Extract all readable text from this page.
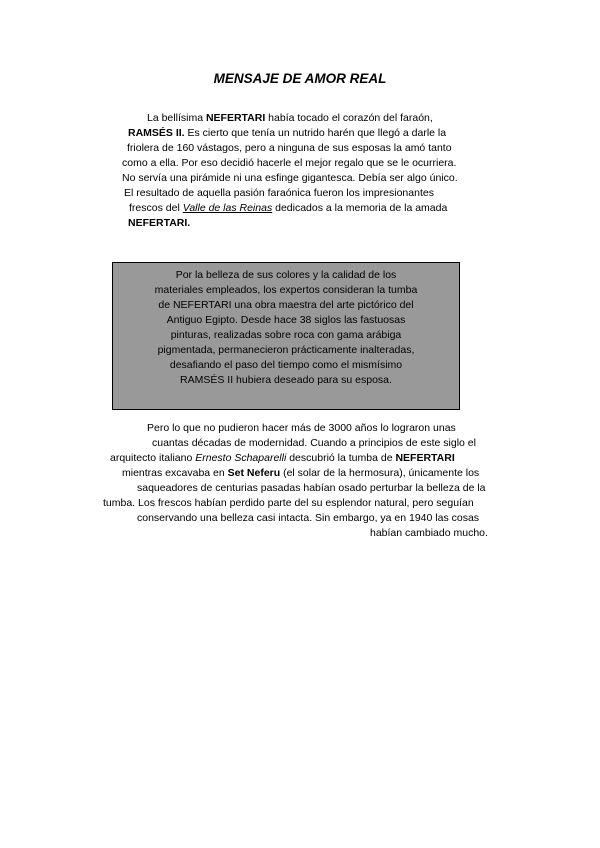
MENSAJE DE AMOR REAL
La bellísima NEFERTARI había tocado el corazón del faraón,
RAMSÉS II. Es cierto que tenía un nutrido harén que llegó a darle la
friolera de 160 vástagos, pero a ninguna de sus esposas la amó tanto
como a ella. Por eso decidió hacerle el mejor regalo que se le ocurriera.
No servía una pirámide ni una esfinge gigantesca. Debía ser algo único.
El resultado de aquella pasión faraónica fueron los impresionantes
frescos del Valle de las Reinas dedicados a la memoria de la amada
NEFERTARI.
Por la belleza de sus colores y la calidad de los
materiales empleados, los expertos consideran la tumba
de NEFERTARI una obra maestra del arte pictórico del
Antiguo Egipto. Desde hace 38 siglos las fastuosas
pinturas, realizadas sobre roca con gama arábiga
pigmentada, permanecieron prácticamente inalteradas,
desafiando el paso del tiempo como el mismísimo
RAMSÉS II hubiera deseado para su esposa.
Pero lo que no pudieron hacer más de 3000 años lo lograron unas
cuantas décadas de modernidad. Cuando a principios de este siglo el
arquitecto italiano Ernesto Schaparelli descubrió la tumba de NEFERTARI
mientras excavaba en Set Neferu (el solar de la hermosura), únicamente los
saqueadores de centurias pasadas habían osado perturbar la belleza de la
tumba. Los frescos habían perdido parte del su esplendor natural, pero seguían
conservando una belleza casi intacta. Sin embargo, ya en 1940 las cosas
habían cambiado mucho.
